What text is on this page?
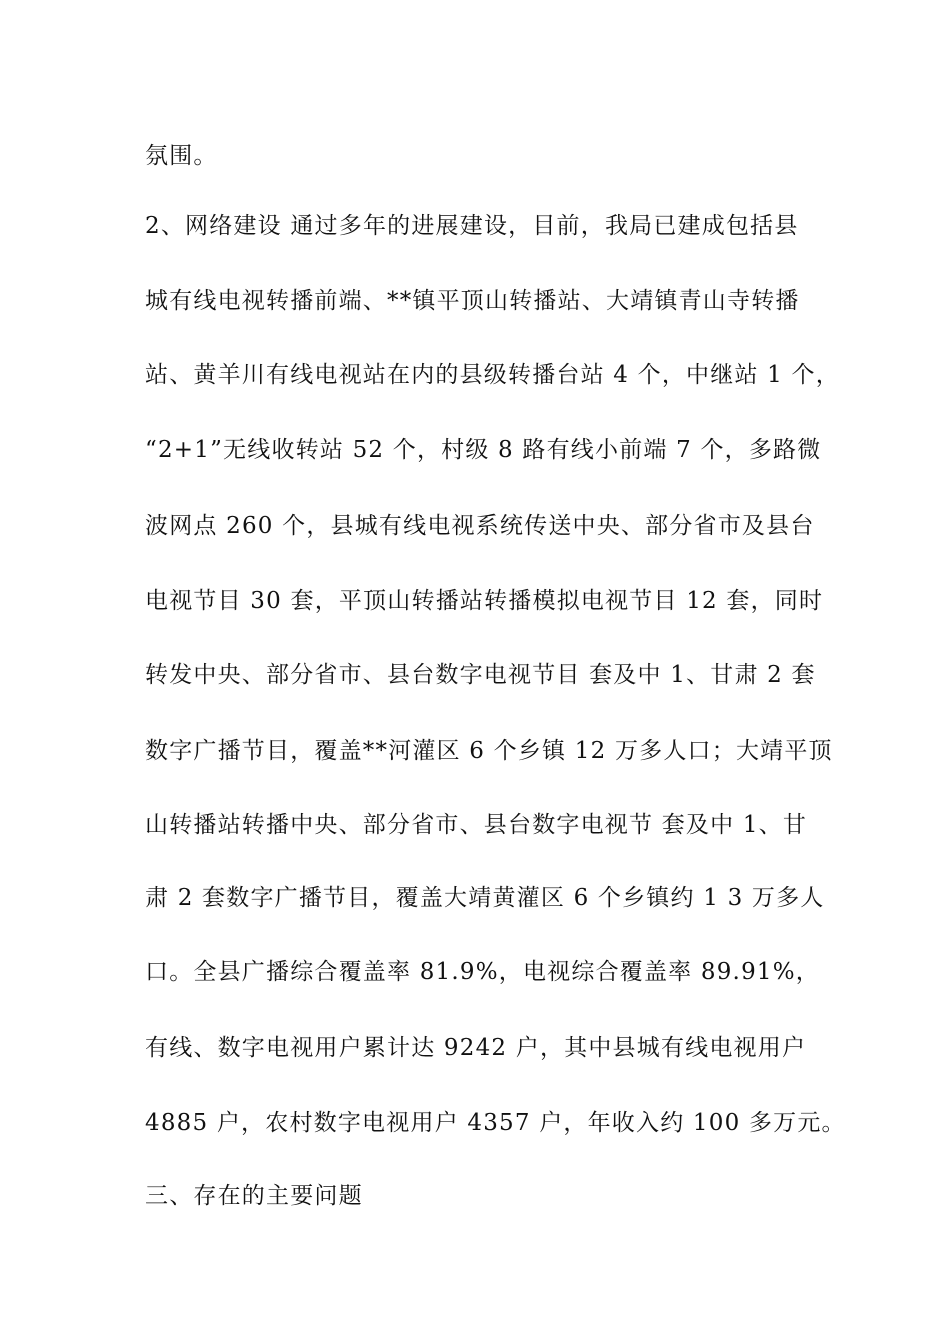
氛围。
2、网络建设 通过多年的进展建设，目前，我局已建成包括县
城有线电视转播前端、**镇平顶山转播站、大靖镇青山寺转播
站、黄羊川有线电视站在内的县级转播台站 4 个，中继站 1 个，
“2+1”无线收转站 52 个，村级 8 路有线小前端 7 个，多路微
波网点 260 个，县城有线电视系统传送中央、部分省市及县台
电视节目 30 套，平顶山转播站转播模拟电视节目 12 套，同时
转发中央、部分省市、县台数字电视节目 套及中 1、甘肃 2 套
数字广播节目，覆盖**河灌区 6 个乡镇 12 万多人口；大靖平顶
山转播站转播中央、部分省市、县台数字电视节 套及中 1、甘
肃 2 套数字广播节目，覆盖大靖黄灌区 6 个乡镇约 1 3 万多人
口。全县广播综合覆盖率 81.9%，电视综合覆盖率 89.91%，
有线、数字电视用户累计达 9242 户，其中县城有线电视用户
4885 户，农村数字电视用户 4357 户，年收入约 100 多万元。
三、存在的主要问题
